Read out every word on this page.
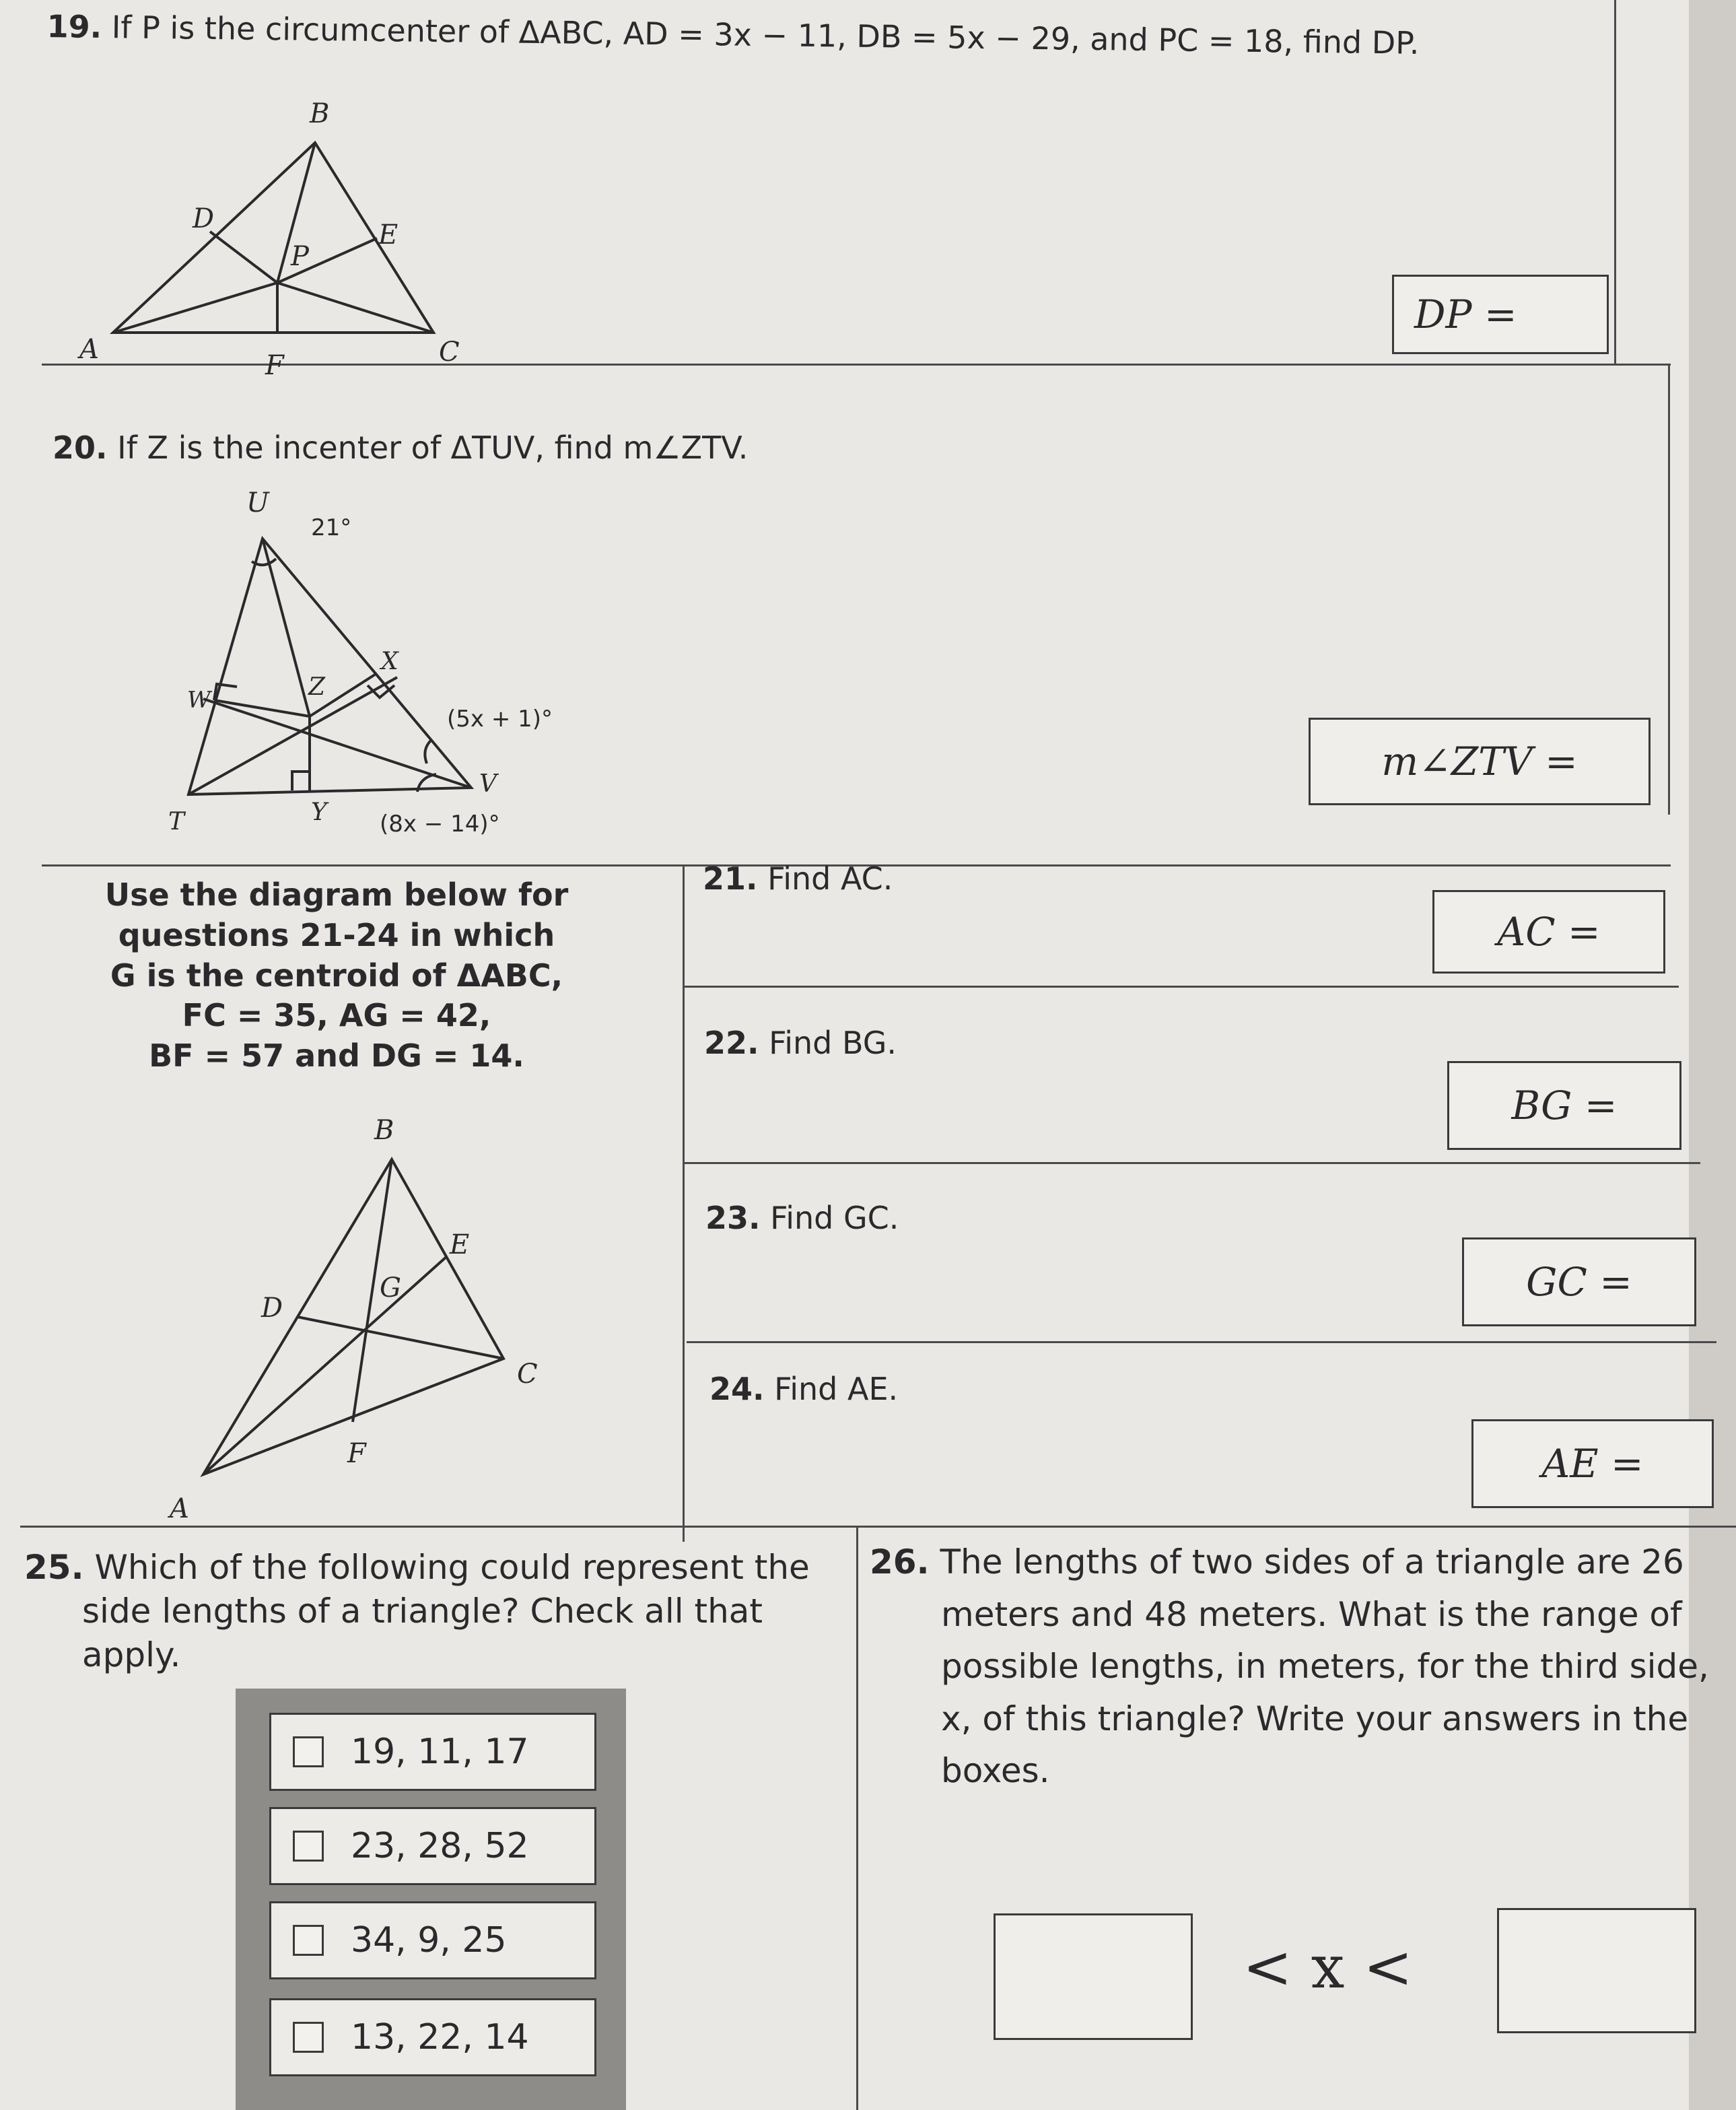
19. If P is the circumcenter of ΔABC, AD = 3x − 11, DB = 5x − 29, and PC = 18, find DP.
DP =
B
D
E
P
A
F	C
20. If Z is the incenter of ΔTUV, find m∠ZTV.
m∠ZTV =
U
21°
W
X
Z
(5x + 1)°
V
T	Y (8x − 14)°
Use the diagram below for
questions 21-24 in which
G is the centroid of ΔABC,
FC = 35, AG = 42,
BF = 57 and DG = 14.
B
E
G
D
C
F
A
21. Find AC.
AC =
22. Find BG.
BG =
23. Find GC.
GC =
24. Find AE.
AE =
25. Which of the following could represent the
side lengths of a triangle? Check all that
apply.
19, 11, 17
23, 28, 52
34, 9, 25
13, 22, 14
26. The lengths of two sides of a triangle are 26
meters and 48 meters. What is the range of
possible lengths, in meters, for the third side,
x, of this triangle? Write your answers in the
boxes.
< x <
